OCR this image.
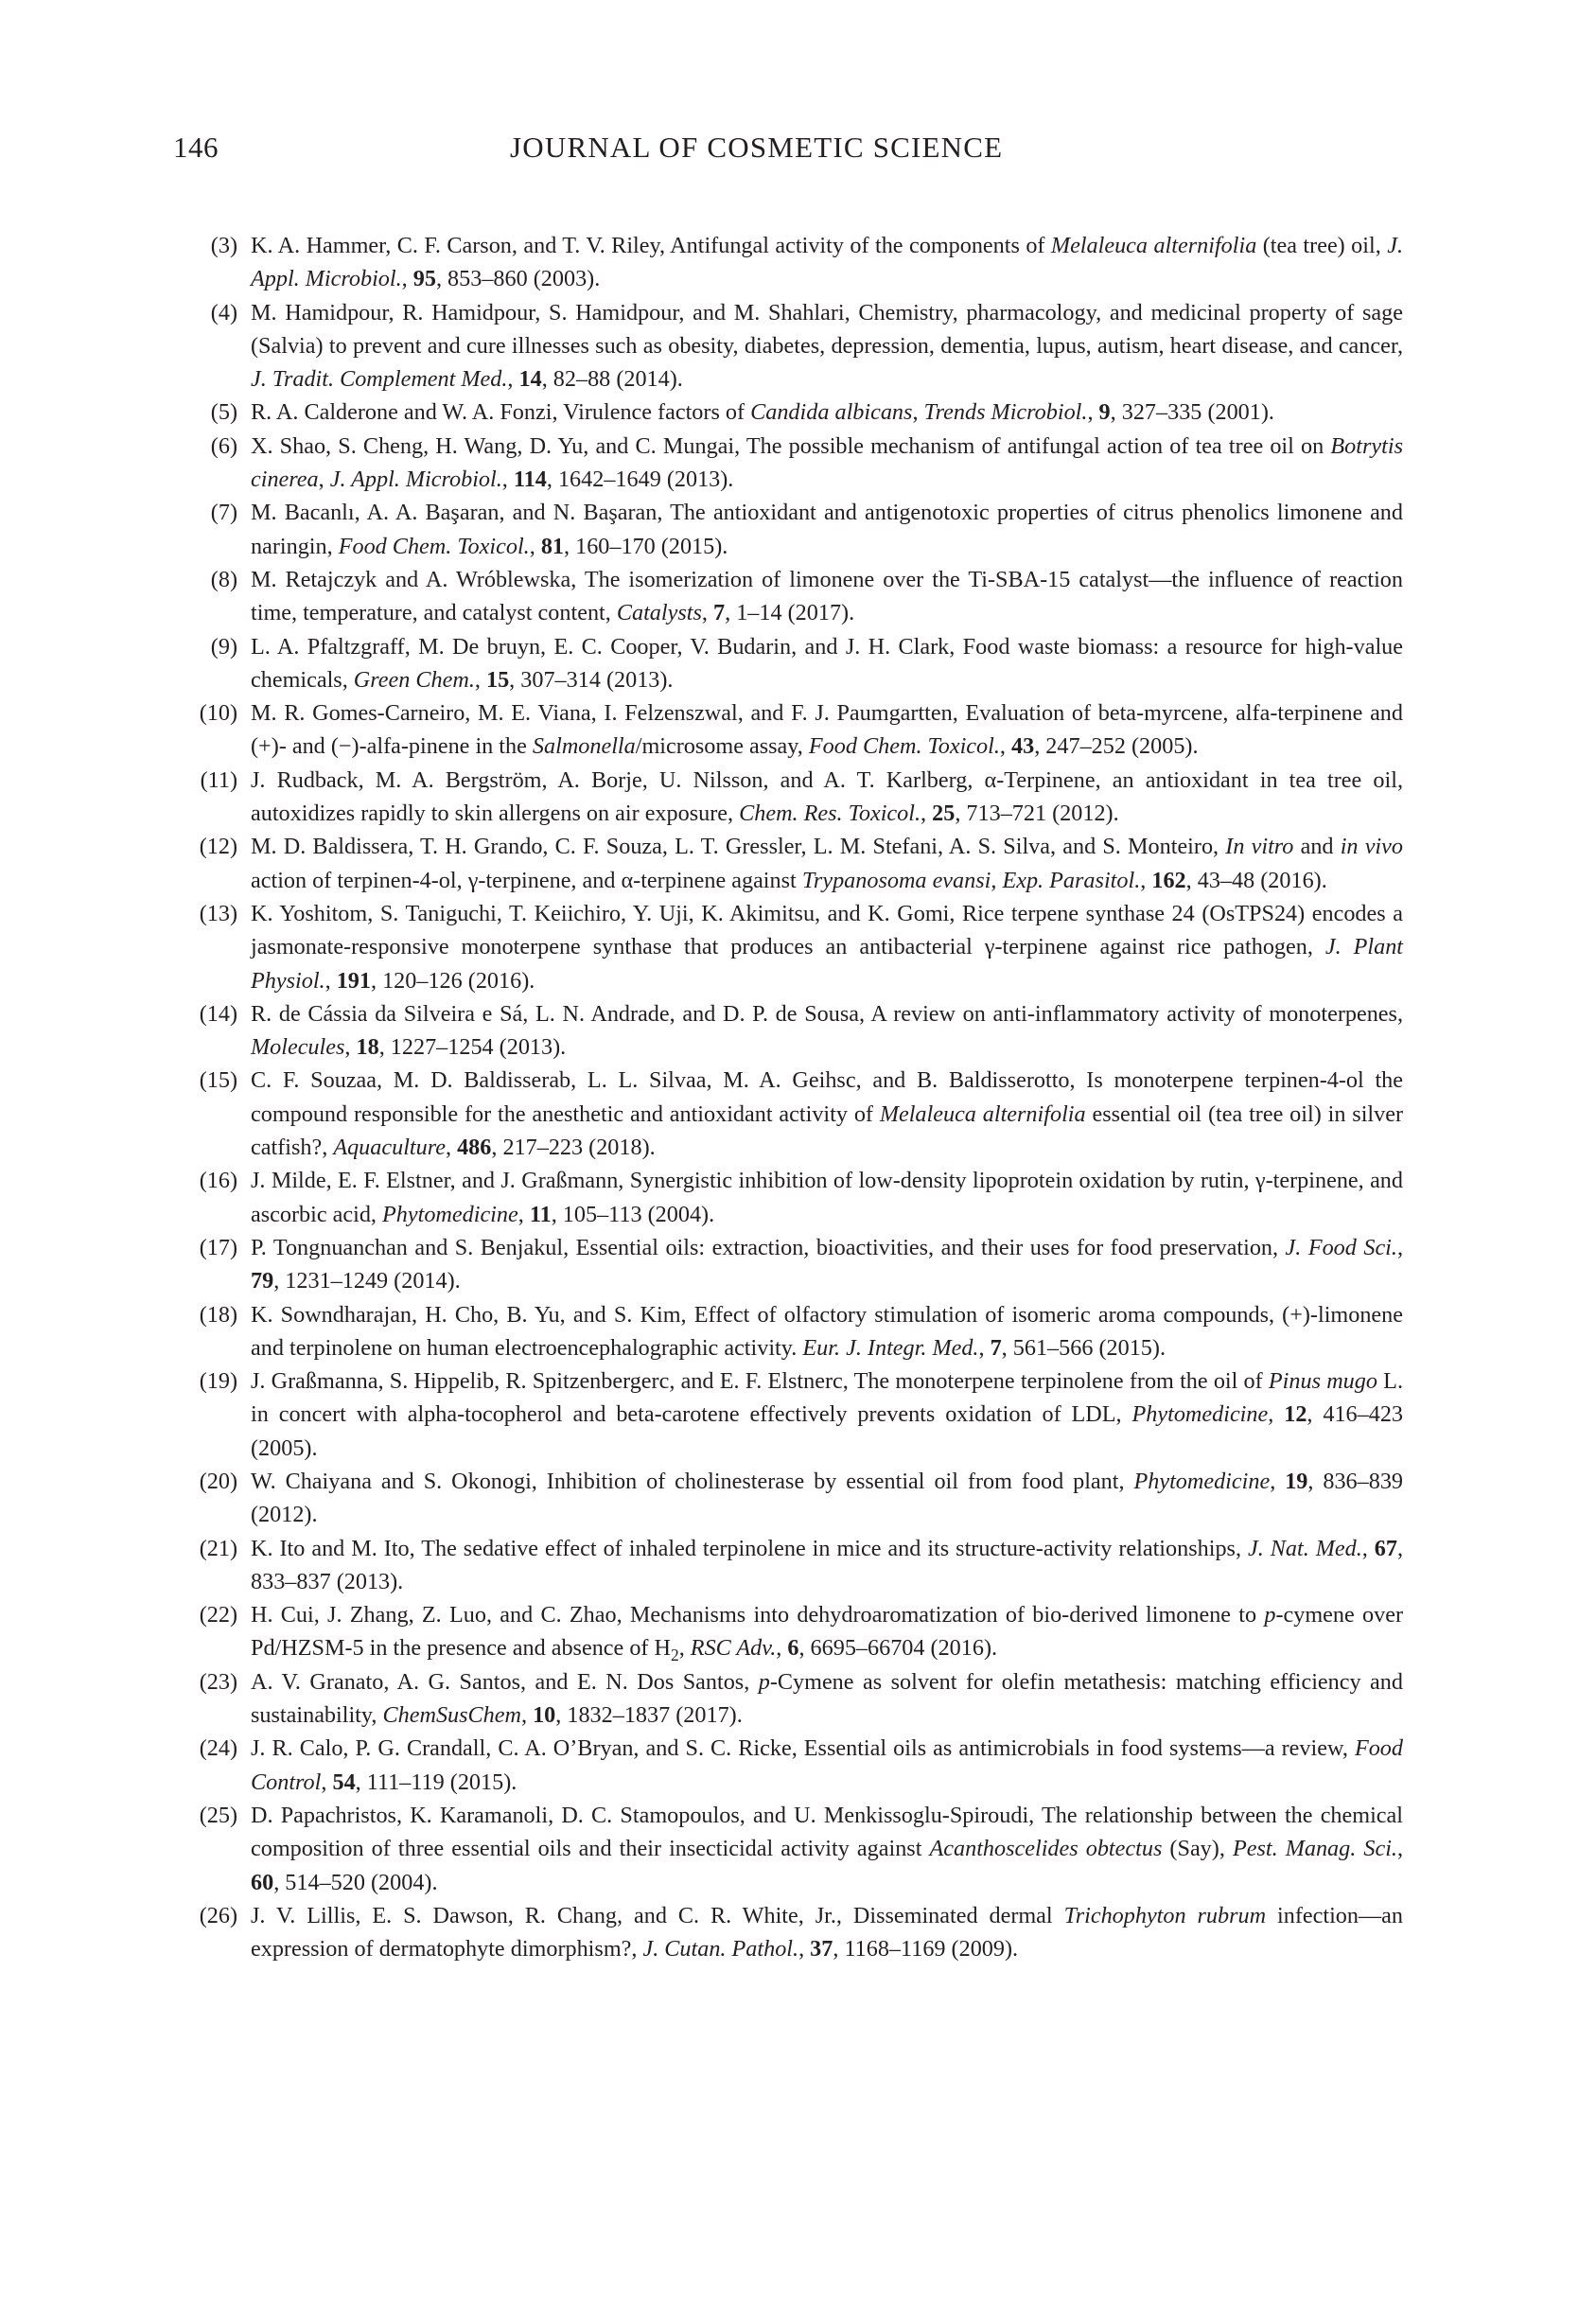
146	JOURNAL OF COSMETIC SCIENCE
(3) K. A. Hammer, C. F. Carson, and T. V. Riley, Antifungal activity of the components of Melaleuca alternifolia (tea tree) oil, J. Appl. Microbiol., 95, 853–860 (2003).
(4) M. Hamidpour, R. Hamidpour, S. Hamidpour, and M. Shahlari, Chemistry, pharmacology, and medicinal property of sage (Salvia) to prevent and cure illnesses such as obesity, diabetes, depression, dementia, lupus, autism, heart disease, and cancer, J. Tradit. Complement Med., 14, 82–88 (2014).
(5) R. A. Calderone and W. A. Fonzi, Virulence factors of Candida albicans, Trends Microbiol., 9, 327–335 (2001).
(6) X. Shao, S. Cheng, H. Wang, D. Yu, and C. Mungai, The possible mechanism of antifungal action of tea tree oil on Botrytis cinerea, J. Appl. Microbiol., 114, 1642–1649 (2013).
(7) M. Bacanlı, A. A. Başaran, and N. Başaran, The antioxidant and antigenotoxic properties of citrus phenolics limonene and naringin, Food Chem. Toxicol., 81, 160–170 (2015).
(8) M. Retajczyk and A. Wróblewska, The isomerization of limonene over the Ti-SBA-15 catalyst—the influence of reaction time, temperature, and catalyst content, Catalysts, 7, 1–14 (2017).
(9) L. A. Pfaltzgraff, M. De bruyn, E. C. Cooper, V. Budarin, and J. H. Clark, Food waste biomass: a resource for high-value chemicals, Green Chem., 15, 307–314 (2013).
(10) M. R. Gomes-Carneiro, M. E. Viana, I. Felzenszwal, and F. J. Paumgartten, Evaluation of beta-myrcene, alfa-terpinene and (+)- and (−)-alfa-pinene in the Salmonella/microsome assay, Food Chem. Toxicol., 43, 247–252 (2005).
(11) J. Rudback, M. A. Bergström, A. Borje, U. Nilsson, and A. T. Karlberg, α-Terpinene, an antioxidant in tea tree oil, autoxidizes rapidly to skin allergens on air exposure, Chem. Res. Toxicol., 25, 713–721 (2012).
(12) M. D. Baldissera, T. H. Grando, C. F. Souza, L. T. Gressler, L. M. Stefani, A. S. Silva, and S. Monteiro, In vitro and in vivo action of terpinen-4-ol, γ-terpinene, and α-terpinene against Trypanosoma evansi, Exp. Parasitol., 162, 43–48 (2016).
(13) K. Yoshitom, S. Taniguchi, T. Keiichiro, Y. Uji, K. Akimitsu, and K. Gomi, Rice terpene synthase 24 (OsTPS24) encodes a jasmonate-responsive monoterpene synthase that produces an antibacterial γ-terpinene against rice pathogen, J. Plant Physiol., 191, 120–126 (2016).
(14) R. de Cássia da Silveira e Sá, L. N. Andrade, and D. P. de Sousa, A review on anti-inflammatory activity of monoterpenes, Molecules, 18, 1227–1254 (2013).
(15) C. F. Souzaa, M. D. Baldisserab, L. L. Silvaa, M. A. Geihsc, and B. Baldisserotto, Is monoterpene terpinen-4-ol the compound responsible for the anesthetic and antioxidant activity of Melaleuca alternifolia essential oil (tea tree oil) in silver catfish?, Aquaculture, 486, 217–223 (2018).
(16) J. Milde, E. F. Elstner, and J. Graßmann, Synergistic inhibition of low-density lipoprotein oxidation by rutin, γ-terpinene, and ascorbic acid, Phytomedicine, 11, 105–113 (2004).
(17) P. Tongnuanchan and S. Benjakul, Essential oils: extraction, bioactivities, and their uses for food preservation, J. Food Sci., 79, 1231–1249 (2014).
(18) K. Sowndharajan, H. Cho, B. Yu, and S. Kim, Effect of olfactory stimulation of isomeric aroma compounds, (+)-limonene and terpinolene on human electroencephalographic activity. Eur. J. Integr. Med., 7, 561–566 (2015).
(19) J. Graßmanna, S. Hippelib, R. Spitzenbergerc, and E. F. Elstnerc, The monoterpene terpinolene from the oil of Pinus mugo L. in concert with alpha-tocopherol and beta-carotene effectively prevents oxidation of LDL, Phytomedicine, 12, 416–423 (2005).
(20) W. Chaiyana and S. Okonogi, Inhibition of cholinesterase by essential oil from food plant, Phytomedicine, 19, 836–839 (2012).
(21) K. Ito and M. Ito, The sedative effect of inhaled terpinolene in mice and its structure-activity relationships, J. Nat. Med., 67, 833–837 (2013).
(22) H. Cui, J. Zhang, Z. Luo, and C. Zhao, Mechanisms into dehydroaromatization of bio-derived limonene to p-cymene over Pd/HZSM-5 in the presence and absence of $H_2$, RSC Adv., 6, 6695–66704 (2016).
(23) A. V. Granato, A. G. Santos, and E. N. Dos Santos, p-Cymene as solvent for olefin metathesis: matching efficiency and sustainability, ChemSusChem, 10, 1832–1837 (2017).
(24) J. R. Calo, P. G. Crandall, C. A. O’Bryan, and S. C. Ricke, Essential oils as antimicrobials in food systems—a review, Food Control, 54, 111–119 (2015).
(25) D. Papachristos, K. Karamanoli, D. C. Stamopoulos, and U. Menkissoglu-Spiroudi, The relationship between the chemical composition of three essential oils and their insecticidal activity against Acanthoscelides obtectus (Say), Pest. Manag. Sci., 60, 514–520 (2004).
(26) J. V. Lillis, E. S. Dawson, R. Chang, and C. R. White, Jr., Disseminated dermal Trichophyton rubrum infection—an expression of dermatophyte dimorphism?, J. Cutan. Pathol., 37, 1168–1169 (2009).
